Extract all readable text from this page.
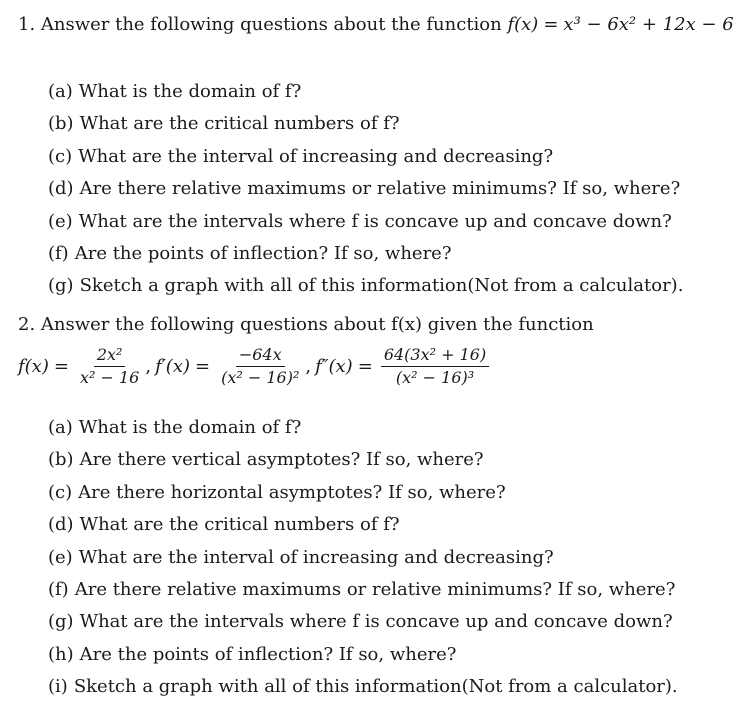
1. Answer the following questions about the function f(x) = x³ − 6x² + 12x − 6
(a) What is the domain of f?
(b) What are the critical numbers of f?
(c) What are the interval of increasing and decreasing?
(d) Are there relative maximums or relative minimums? If so, where?
(e) What are the intervals where f is concave up and concave down?
(f) Are the points of inflection? If so, where?
(g) Sketch a graph with all of this information(Not from a calculator).
2. Answer the following questions about f(x) given the function
$f(x) = \frac{\text{2x²}}{\text{x² − 16}}$ , $f'(x) = \frac{-64x}{\text{(x² − 16)²}}$ , $f''(x) = \frac{\text{64(3x² + 16)}}{\text{(x² − 16)³}}$
(a) What is the domain of f?
(b) Are there vertical asymptotes? If so, where?
(c) Are there horizontal asymptotes? If so, where?
(d) What are the critical numbers of f?
(e) What are the interval of increasing and decreasing?
(f) Are there relative maximums or relative minimums? If so, where?
(g) What are the intervals where f is concave up and concave down?
(h) Are the points of inflection? If so, where?
(i) Sketch a graph with all of this information(Not from a calculator).
